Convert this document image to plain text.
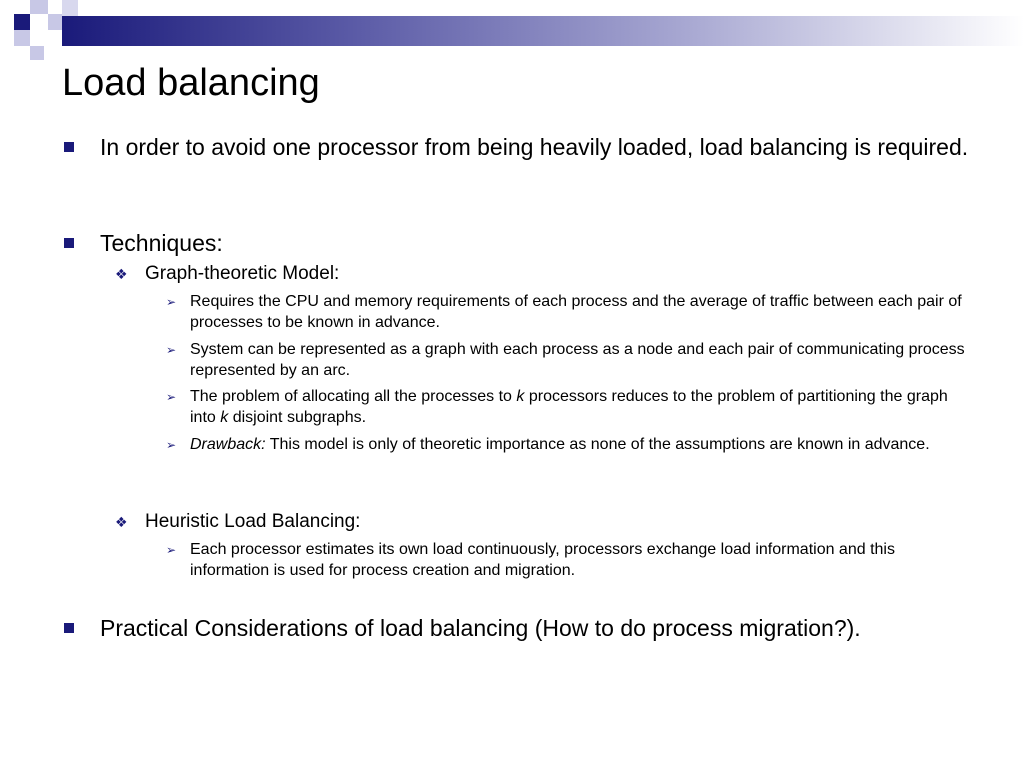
Load balancing
In order to avoid one processor from being heavily loaded, load balancing is required.
Techniques:
❖ Graph-theoretic Model:
➢ Requires the CPU and memory requirements of each process and the average of traffic between each pair of processes to be known in advance.
➢ System can be represented as a graph with each process as a node and each pair of communicating process represented by an arc.
➢ The problem of allocating all the processes to k processors reduces to the problem of partitioning the graph into k disjoint subgraphs.
➢ Drawback: This model is only of theoretic importance as none of the assumptions are known in advance.
❖ Heuristic Load Balancing:
➢ Each processor estimates its own load continuously, processors exchange load information and this information is used for process creation and migration.
Practical Considerations of load balancing (How to do process migration?).
